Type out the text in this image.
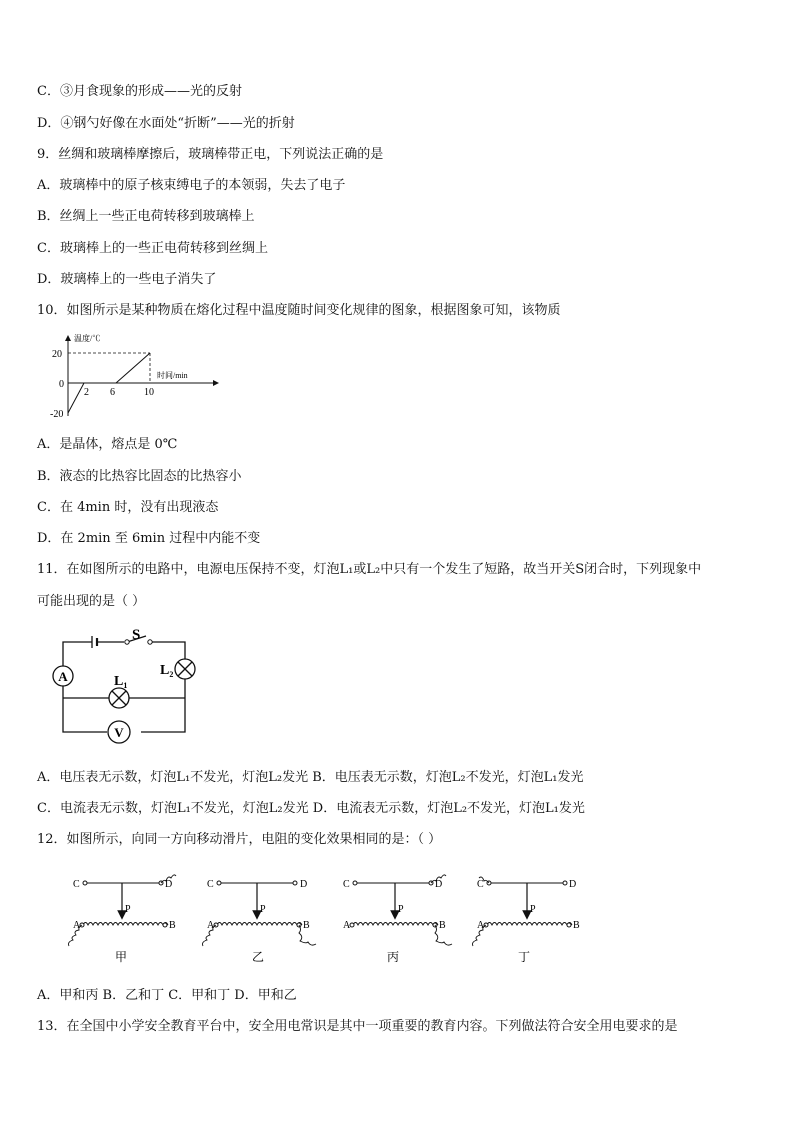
C．③月食现象的形成——光的反射
D．④钢勺好像在水面处“折断”——光的折射
9．丝绸和玻璃棒摩擦后，玻璃棒带正电，下列说法正确的是
A．玻璃棒中的原子核束缚电子的本领弱，失去了电子
B．丝绸上一些正电荷转移到玻璃棒上
C．玻璃棒上的一些正电荷转移到丝绸上
D．玻璃棒上的一些电子消失了
10．如图所示是某种物质在熔化过程中温度随时间变化规律的图象，根据图象可知，该物质
温度/℃
时间/min
20
0
-20
2 6	10
A．是晶体，熔点是 0℃
B．液态的比热容比固态的比热容小
C．在 4min 时，没有出现液态
D．在 2min 至 6min 过程中内能不变
11．在如图所示的电路中，电源电压保持不变，灯泡L₁或L₂中只有一个发生了短路，故当开关S闭合时，下列现象中
可能出现的是（ ）
A
V
S
$L_2$
$L_1$
A．电压表无示数，灯泡L₁不发光，灯泡L₂发光 B．电压表无示数，灯泡L₂不发光，灯泡L₁发光
C．电流表无示数，灯泡L₁不发光，灯泡L₂发光 D．电流表无示数，灯泡L₂不发光，灯泡L₁发光
12．如图所示，向同一方向移动滑片，电阻的变化效果相同的是：（ ）
C	D
P
A	B
C	D
P
A	B
C	D
P
A	B
C	D
P
A	B
甲	乙	丙	丁
A．甲和丙 B．乙和丁 C．甲和丁 D．甲和乙
13．在全国中小学安全教育平台中，安全用电常识是其中一项重要的教育内容。下列做法符合安全用电要求的是
